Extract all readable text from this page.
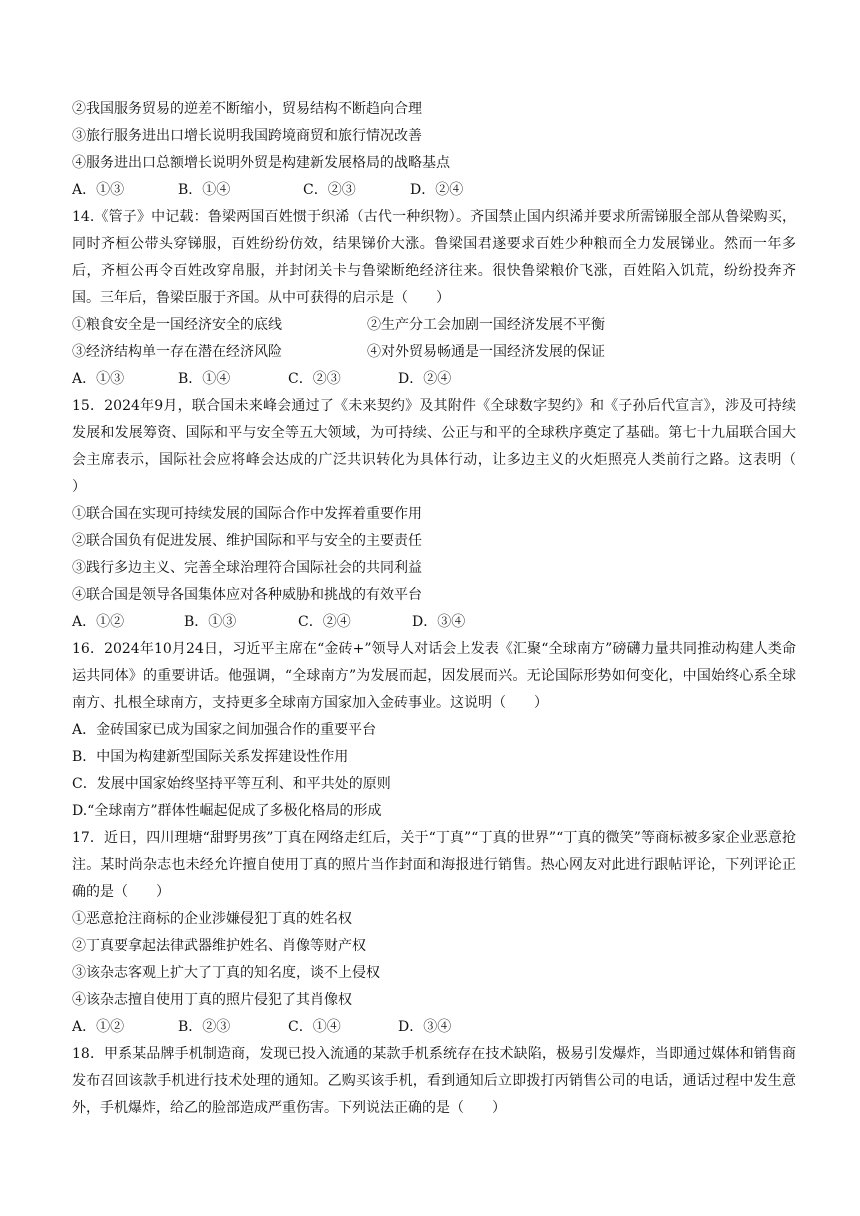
②我国服务贸易的逆差不断缩小，贸易结构不断趋向合理
③旅行服务进出口增长说明我国跨境商贸和旅行情况改善
④服务进出口总额增长说明外贸是构建新发展格局的战略基点
A．①③	B．①④	C．②③	D．②④
14.《管子》中记载：鲁梁两国百姓惯于织浠（古代一种织物）。齐国禁止国内织浠并要求所需锑服全部从鲁梁购买，同时齐桓公带头穿锑服，百姓纷纷仿效，结果锑价大涨。鲁梁国君遂要求百姓少种粮而全力发展锑业。然而一年多后，齐桓公再令百姓改穿帛服，并封闭关卡与鲁梁断绝经济往来。很快鲁梁粮价飞涨，百姓陷入饥荒，纷纷投奔齐国。三年后，鲁梁臣服于齐国。从中可获得的启示是（　　）
①粮食安全是一国经济安全的底线	②生产分工会加剧一国经济发展不平衡
③经济结构单一存在潜在经济风险	④对外贸易畅通是一国经济发展的保证
A．①③	B．①④	C．②③	D．②④
15．2024年9月，联合国未来峰会通过了《未来契约》及其附件《全球数字契约》和《子孙后代宣言》，涉及可持续发展和发展筹资、国际和平与安全等五大领域，为可持续、公正与和平的全球秩序奠定了基础。第七十九届联合国大会主席表示，国际社会应将峰会达成的广泛共识转化为具体行动，让多边主义的火炬照亮人类前行之路。这表明（　　）
①联合国在实现可持续发展的国际合作中发挥着重要作用
②联合国负有促进发展、维护国际和平与安全的主要责任
③践行多边主义、完善全球治理符合国际社会的共同利益
④联合国是领导各国集体应对各种威胁和挑战的有效平台
A．①②	B．①③	C．②④	D．③④
16．2024年10月24日，习近平主席在“金砖+”领导人对话会上发表《汇聚“全球南方”磅礴力量共同推动构建人类命运共同体》的重要讲话。他强调，“全球南方”为发展而起，因发展而兴。无论国际形势如何变化，中国始终心系全球南方、扎根全球南方，支持更多全球南方国家加入金砖事业。这说明（　　）
A．金砖国家已成为国家之间加强合作的重要平台
B．中国为构建新型国际关系发挥建设性作用
C．发展中国家始终坚持平等互利、和平共处的原则
D.“全球南方”群体性崛起促成了多极化格局的形成
17．近日，四川理塘“甜野男孩”丁真在网络走红后，关于“丁真”“丁真的世界”“丁真的微笑”等商标被多家企业恶意抢注。某时尚杂志也未经允许擅自使用丁真的照片当作封面和海报进行销售。热心网友对此进行跟帖评论，下列评论正确的是（　　）
①恶意抢注商标的企业涉嫌侵犯丁真的姓名权
②丁真要拿起法律武器维护姓名、肖像等财产权
③该杂志客观上扩大了丁真的知名度，谈不上侵权
④该杂志擅自使用丁真的照片侵犯了其肖像权
A．①②	B．②③	C．①④	D．③④
18．甲系某品牌手机制造商，发现已投入流通的某款手机系统存在技术缺陷，极易引发爆炸，当即通过媒体和销售商发布召回该款手机进行技术处理的通知。乙购买该手机，看到通知后立即拨打丙销售公司的电话，通话过程中发生意外，手机爆炸，给乙的脸部造成严重伤害。下列说法正确的是（　　）
